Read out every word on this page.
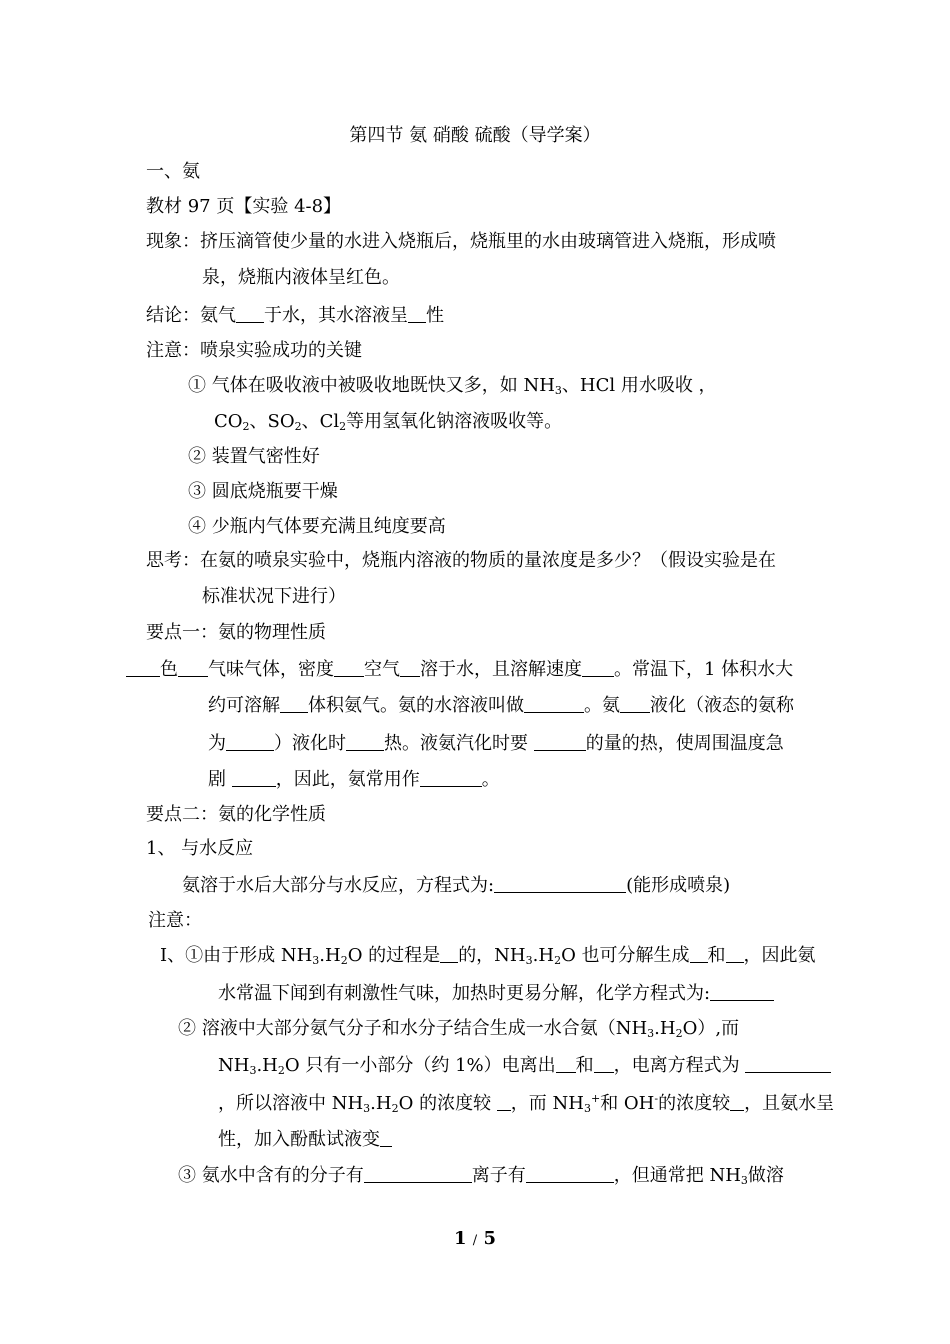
第四节 氨 硝酸 硫酸（导学案）
一、氨
教材 97 页【实验 4-8】
现象：挤压滴管使少量的水进入烧瓶后，烧瓶里的水由玻璃管进入烧瓶，形成喷
泉，烧瓶内液体呈红色。
结论：氨气 于水，其水溶液呈 性
注意：喷泉实验成功的关键
① 气体在吸收液中被吸收地既快又多，如 $NH_3$、HCl 用水吸收 ，
$CO_2$、$SO_2$、$Cl_2$等用氢氧化钠溶液吸收等。
② 装置气密性好
③ 圆底烧瓶要干燥
④ 少瓶内气体要充满且纯度要高
思考：在氨的喷泉实验中，烧瓶内溶液的物质的量浓度是多少？（假设实验是在
标准状况下进行）
要点一：氨的物理性质
色 气味气体，密度 空气 溶于水，且溶解速度 。常温下，1 体积水大
约可溶解 体积氨气。氨的水溶液叫做	。氨 液化（液态的氨称
为	）液化时 热。液氨汽化时要	的量的热，使周围温度急
剧 ，因此，氨常用作	。
要点二：氨的化学性质
1、 与水反应
氨溶于水后大部分与水反应，方程式为:	(能形成喷泉)
注意：
I、①由于形成 $NH_3.H_2O$ 的过程是 的，$NH_3.H_2O$ 也可分解生成 和 ，因此氨
水常温下闻到有刺激性气味，加热时更易分解，化学方程式为:
② 溶液中大部分氨气分子和水分子结合生成一水合氨$(NH_3.H_2O)$,而
$NH_3.H_2O$ 只有一小部分（约 1%）电离出 和 ，电离方程式为
，所以溶液中 $NH_3.H_2O$ 的浓度较 ，而 $NH_3^+$和 OH-的浓度较 ，且氨水呈
性，加入酚酞试液变
③ 氨水中含有的分子有	离子有	，但通常把 $NH_3$做溶
1 / 5
